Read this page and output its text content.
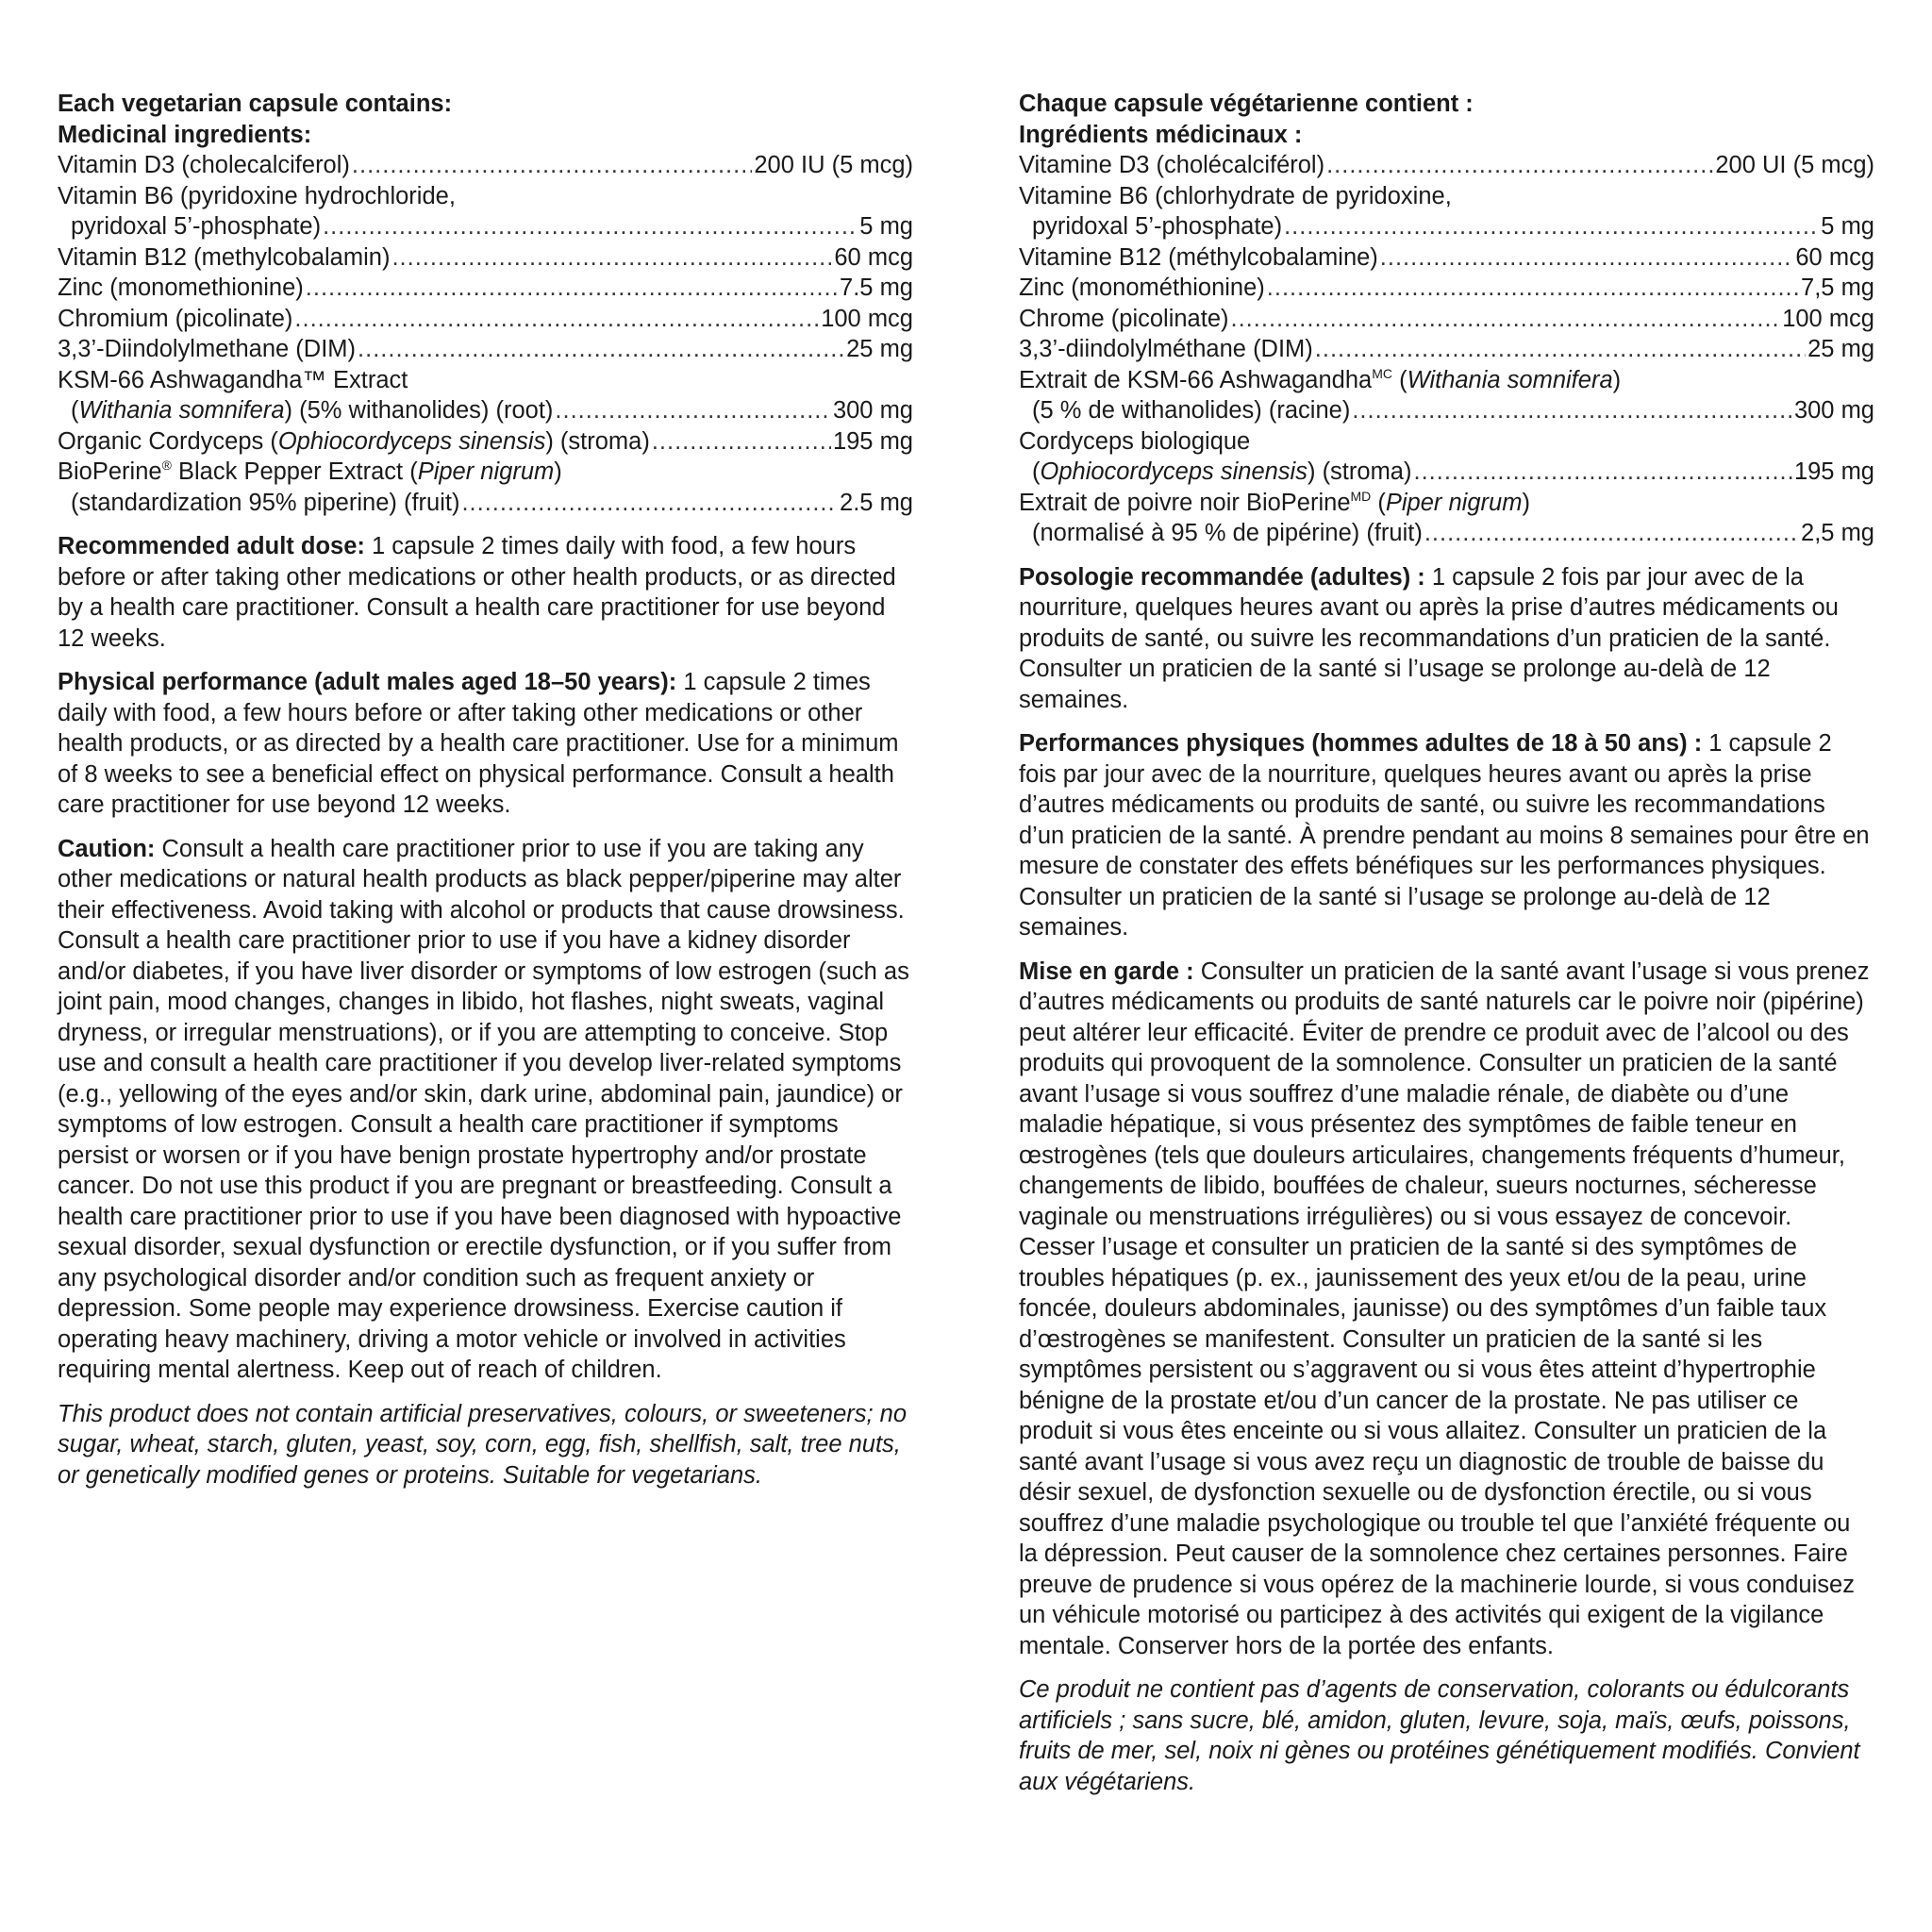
Each vegetarian capsule contains:
Medicinal ingredients:
Vitamin D3 (cholecalciferol) .....	200 IU (5 mcg)
Vitamin B6 (pyridoxine hydrochloride,
pyridoxal 5’-phosphate) .....	5 mg
Vitamin B12 (methylcobalamin) .....	60 mcg
Zinc (monomethionine) .....	7.5 mg
Chromium (picolinate) .....	100 mcg
3,3’-Diindolylmethane (DIM) .....	25 mg
KSM-66 Ashwagandha™ Extract
(Withania somnifera) (5% withanolides) (root) .....	300 mg
Organic Cordyceps (Ophiocordyceps sinensis) (stroma) .....	195 mg
BioPerine® Black Pepper Extract (Piper nigrum)
(standardization 95% piperine) (fruit) .....	2.5 mg
Recommended adult dose: 1 capsule 2 times daily with food, a few hours before or after taking other medications or other health products, or as directed by a health care practitioner. Consult a health care practitioner for use beyond 12 weeks.
Physical performance (adult males aged 18–50 years): 1 capsule 2 times daily with food, a few hours before or after taking other medications or other health products, or as directed by a health care practitioner. Use for a minimum of 8 weeks to see a beneficial effect on physical performance. Consult a health care practitioner for use beyond 12 weeks.
Caution: Consult a health care practitioner prior to use if you are taking any other medications or natural health products as black pepper/piperine may alter their effectiveness. Avoid taking with alcohol or products that cause drowsiness. Consult a health care practitioner prior to use if you have a kidney disorder and/or diabetes, if you have liver disorder or symptoms of low estrogen (such as joint pain, mood changes, changes in libido, hot flashes, night sweats, vaginal dryness, or irregular menstruations), or if you are attempting to conceive. Stop use and consult a health care practitioner if you develop liver-related symptoms (e.g., yellowing of the eyes and/or skin, dark urine, abdominal pain, jaundice) or symptoms of low estrogen. Consult a health care practitioner if symptoms persist or worsen or if you have benign prostate hypertrophy and/or prostate cancer. Do not use this product if you are pregnant or breastfeeding. Consult a health care practitioner prior to use if you have been diagnosed with hypoactive sexual disorder, sexual dysfunction or erectile dysfunction, or if you suffer from any psychological disorder and/or condition such as frequent anxiety or depression. Some people may experience drowsiness. Exercise caution if operating heavy machinery, driving a motor vehicle or involved in activities requiring mental alertness. Keep out of reach of children.
This product does not contain artificial preservatives, colours, or sweeteners; no sugar, wheat, starch, gluten, yeast, soy, corn, egg, fish, shellfish, salt, tree nuts, or genetically modified genes or proteins. Suitable for vegetarians.
Chaque capsule végétarienne contient :
Ingrédients médicinaux :
Vitamine D3 (cholécalciférol) .....	200 UI (5 mcg)
Vitamine B6 (chlorhydrate de pyridoxine,
pyridoxal 5’-phosphate) .....	5 mg
Vitamine B12 (méthylcobalamine) .....	60 mcg
Zinc (monométhionine) .....	7,5 mg
Chrome (picolinate) .....	100 mcg
3,3’-diindolylméthane (DIM) .....	25 mg
Extrait de KSM-66 Ashwagandha$^{MC}$ (Withania somnifera)
(5 % de withanolides) (racine) .....	300 mg
Cordyceps biologique
(Ophiocordyceps sinensis) (stroma) .....	195 mg
Extrait de poivre noir BioPerine$^{MD}$ (Piper nigrum)
(normalisé à 95 % de pipérine) (fruit) .....	2,5 mg
Posologie recommandée (adultes) : 1 capsule 2 fois par jour avec de la nourriture, quelques heures avant ou après la prise d’autres médicaments ou produits de santé, ou suivre les recommandations d’un praticien de la santé. Consulter un praticien de la santé si l’usage se prolonge au-delà de 12 semaines.
Performances physiques (hommes adultes de 18 à 50 ans) : 1 capsule 2 fois par jour avec de la nourriture, quelques heures avant ou après la prise d’autres médicaments ou produits de santé, ou suivre les recommandations d’un praticien de la santé. À prendre pendant au moins 8 semaines pour être en mesure de constater des effets bénéfiques sur les performances physiques. Consulter un praticien de la santé si l’usage se prolonge au-delà de 12 semaines.
Mise en garde : Consulter un praticien de la santé avant l’usage si vous prenez d’autres médicaments ou produits de santé naturels car le poivre noir (pipérine) peut altérer leur efficacité. Éviter de prendre ce produit avec de l’alcool ou des produits qui provoquent de la somnolence. Consulter un praticien de la santé avant l’usage si vous souffrez d’une maladie rénale, de diabète ou d’une maladie hépatique, si vous présentez des symptômes de faible teneur en œstrogènes (tels que douleurs articulaires, changements fréquents d’humeur, changements de libido, bouffées de chaleur, sueurs nocturnes, sécheresse vaginale ou menstruations irrégulières) ou si vous essayez de concevoir. Cesser l’usage et consulter un praticien de la santé si des symptômes de troubles hépatiques (p. ex., jaunissement des yeux et/ou de la peau, urine foncée, douleurs abdominales, jaunisse) ou des symptômes d’un faible taux d’œstrogènes se manifestent. Consulter un praticien de la santé si les symptômes persistent ou s’aggravent ou si vous êtes atteint d’hypertrophie bénigne de la prostate et/ou d’un cancer de la prostate. Ne pas utiliser ce produit si vous êtes enceinte ou si vous allaitez. Consulter un praticien de la santé avant l’usage si vous avez reçu un diagnostic de trouble de baisse du désir sexuel, de dysfonction sexuelle ou de dysfonction érectile, ou si vous souffrez d’une maladie psychologique ou trouble tel que l’anxiété fréquente ou la dépression. Peut causer de la somnolence chez certaines personnes. Faire preuve de prudence si vous opérez de la machinerie lourde, si vous conduisez un véhicule motorisé ou participez à des activités qui exigent de la vigilance mentale. Conserver hors de la portée des enfants.
Ce produit ne contient pas d’agents de conservation, colorants ou édulcorants artificiels ; sans sucre, blé, amidon, gluten, levure, soja, maïs, œufs, poissons, fruits de mer, sel, noix ni gènes ou protéines génétiquement modifiés. Convient aux végétariens.
